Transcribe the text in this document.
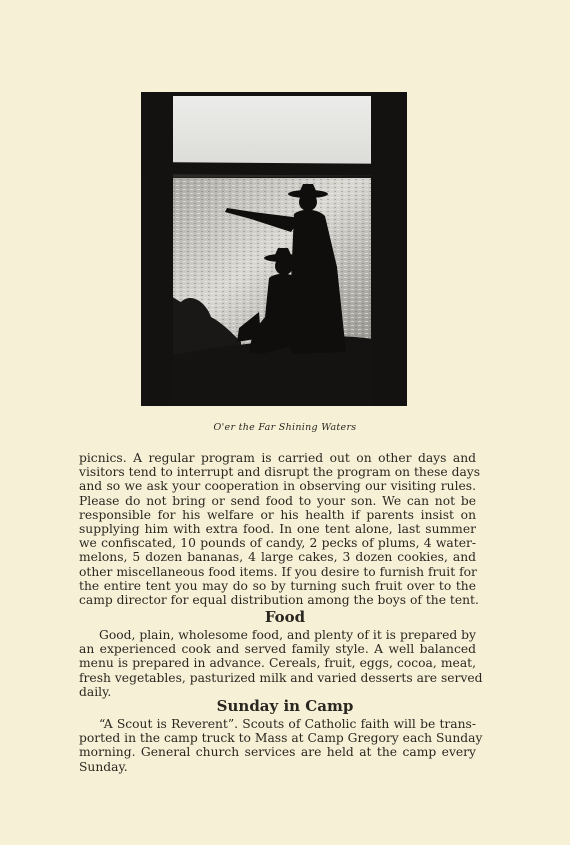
O'er the Far Shining Waters
picnics. A regular program is carried out on other days and
visitors tend to interrupt and disrupt the program on these days
and so we ask your cooperation in observing our visiting rules.
Please do not bring or send food to your son. We can not be
responsible for his welfare or his health if parents insist on
supplying him with extra food. In one tent alone, last summer
we confiscated, 10 pounds of candy, 2 pecks of plums, 4 water-
melons, 5 dozen bananas, 4 large cakes, 3 dozen cookies, and
other miscellaneous food items. If you desire to furnish fruit for
the entire tent you may do so by turning such fruit over to the
camp director for equal distribution among the boys of the tent.
Food
Good, plain, wholesome food, and plenty of it is prepared by
an experienced cook and served family style. A well balanced
menu is prepared in advance. Cereals, fruit, eggs, cocoa, meat,
fresh vegetables, pasturized milk and varied desserts are served
daily.
Sunday in Camp
“A Scout is Reverent”. Scouts of Catholic faith will be trans-
ported in the camp truck to Mass at Camp Gregory each Sunday
morning. General church services are held at the camp every
Sunday.
